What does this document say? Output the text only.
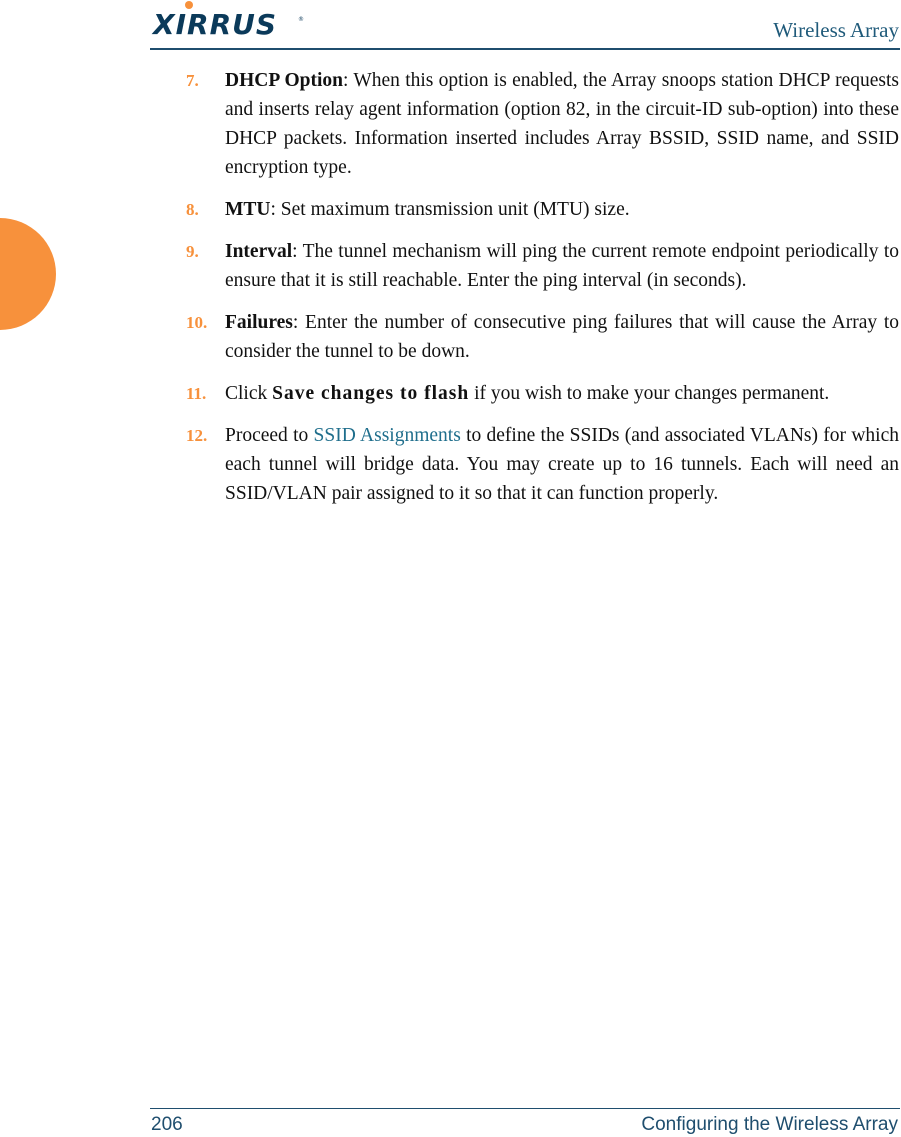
XIRRUS	®	Wireless Array
7. DHCP Option: When this option is enabled, the Array snoops station DHCP requests and inserts relay agent information (option 82, in the circuit-ID sub-option) into these DHCP packets. Information inserted includes Array BSSID, SSID name, and SSID encryption type.
8. MTU: Set maximum transmission unit (MTU) size.
9. Interval: The tunnel mechanism will ping the current remote endpoint periodically to ensure that it is still reachable. Enter the ping interval (in seconds).
10. Failures: Enter the number of consecutive ping failures that will cause the Array to consider the tunnel to be down.
11. Click Save changes to flash if you wish to make your changes permanent.
12. Proceed to SSID Assignments to define the SSIDs (and associated VLANs) for which each tunnel will bridge data. You may create up to 16 tunnels. Each will need an SSID/VLAN pair assigned to it so that it can function properly.
206	Configuring the Wireless Array
